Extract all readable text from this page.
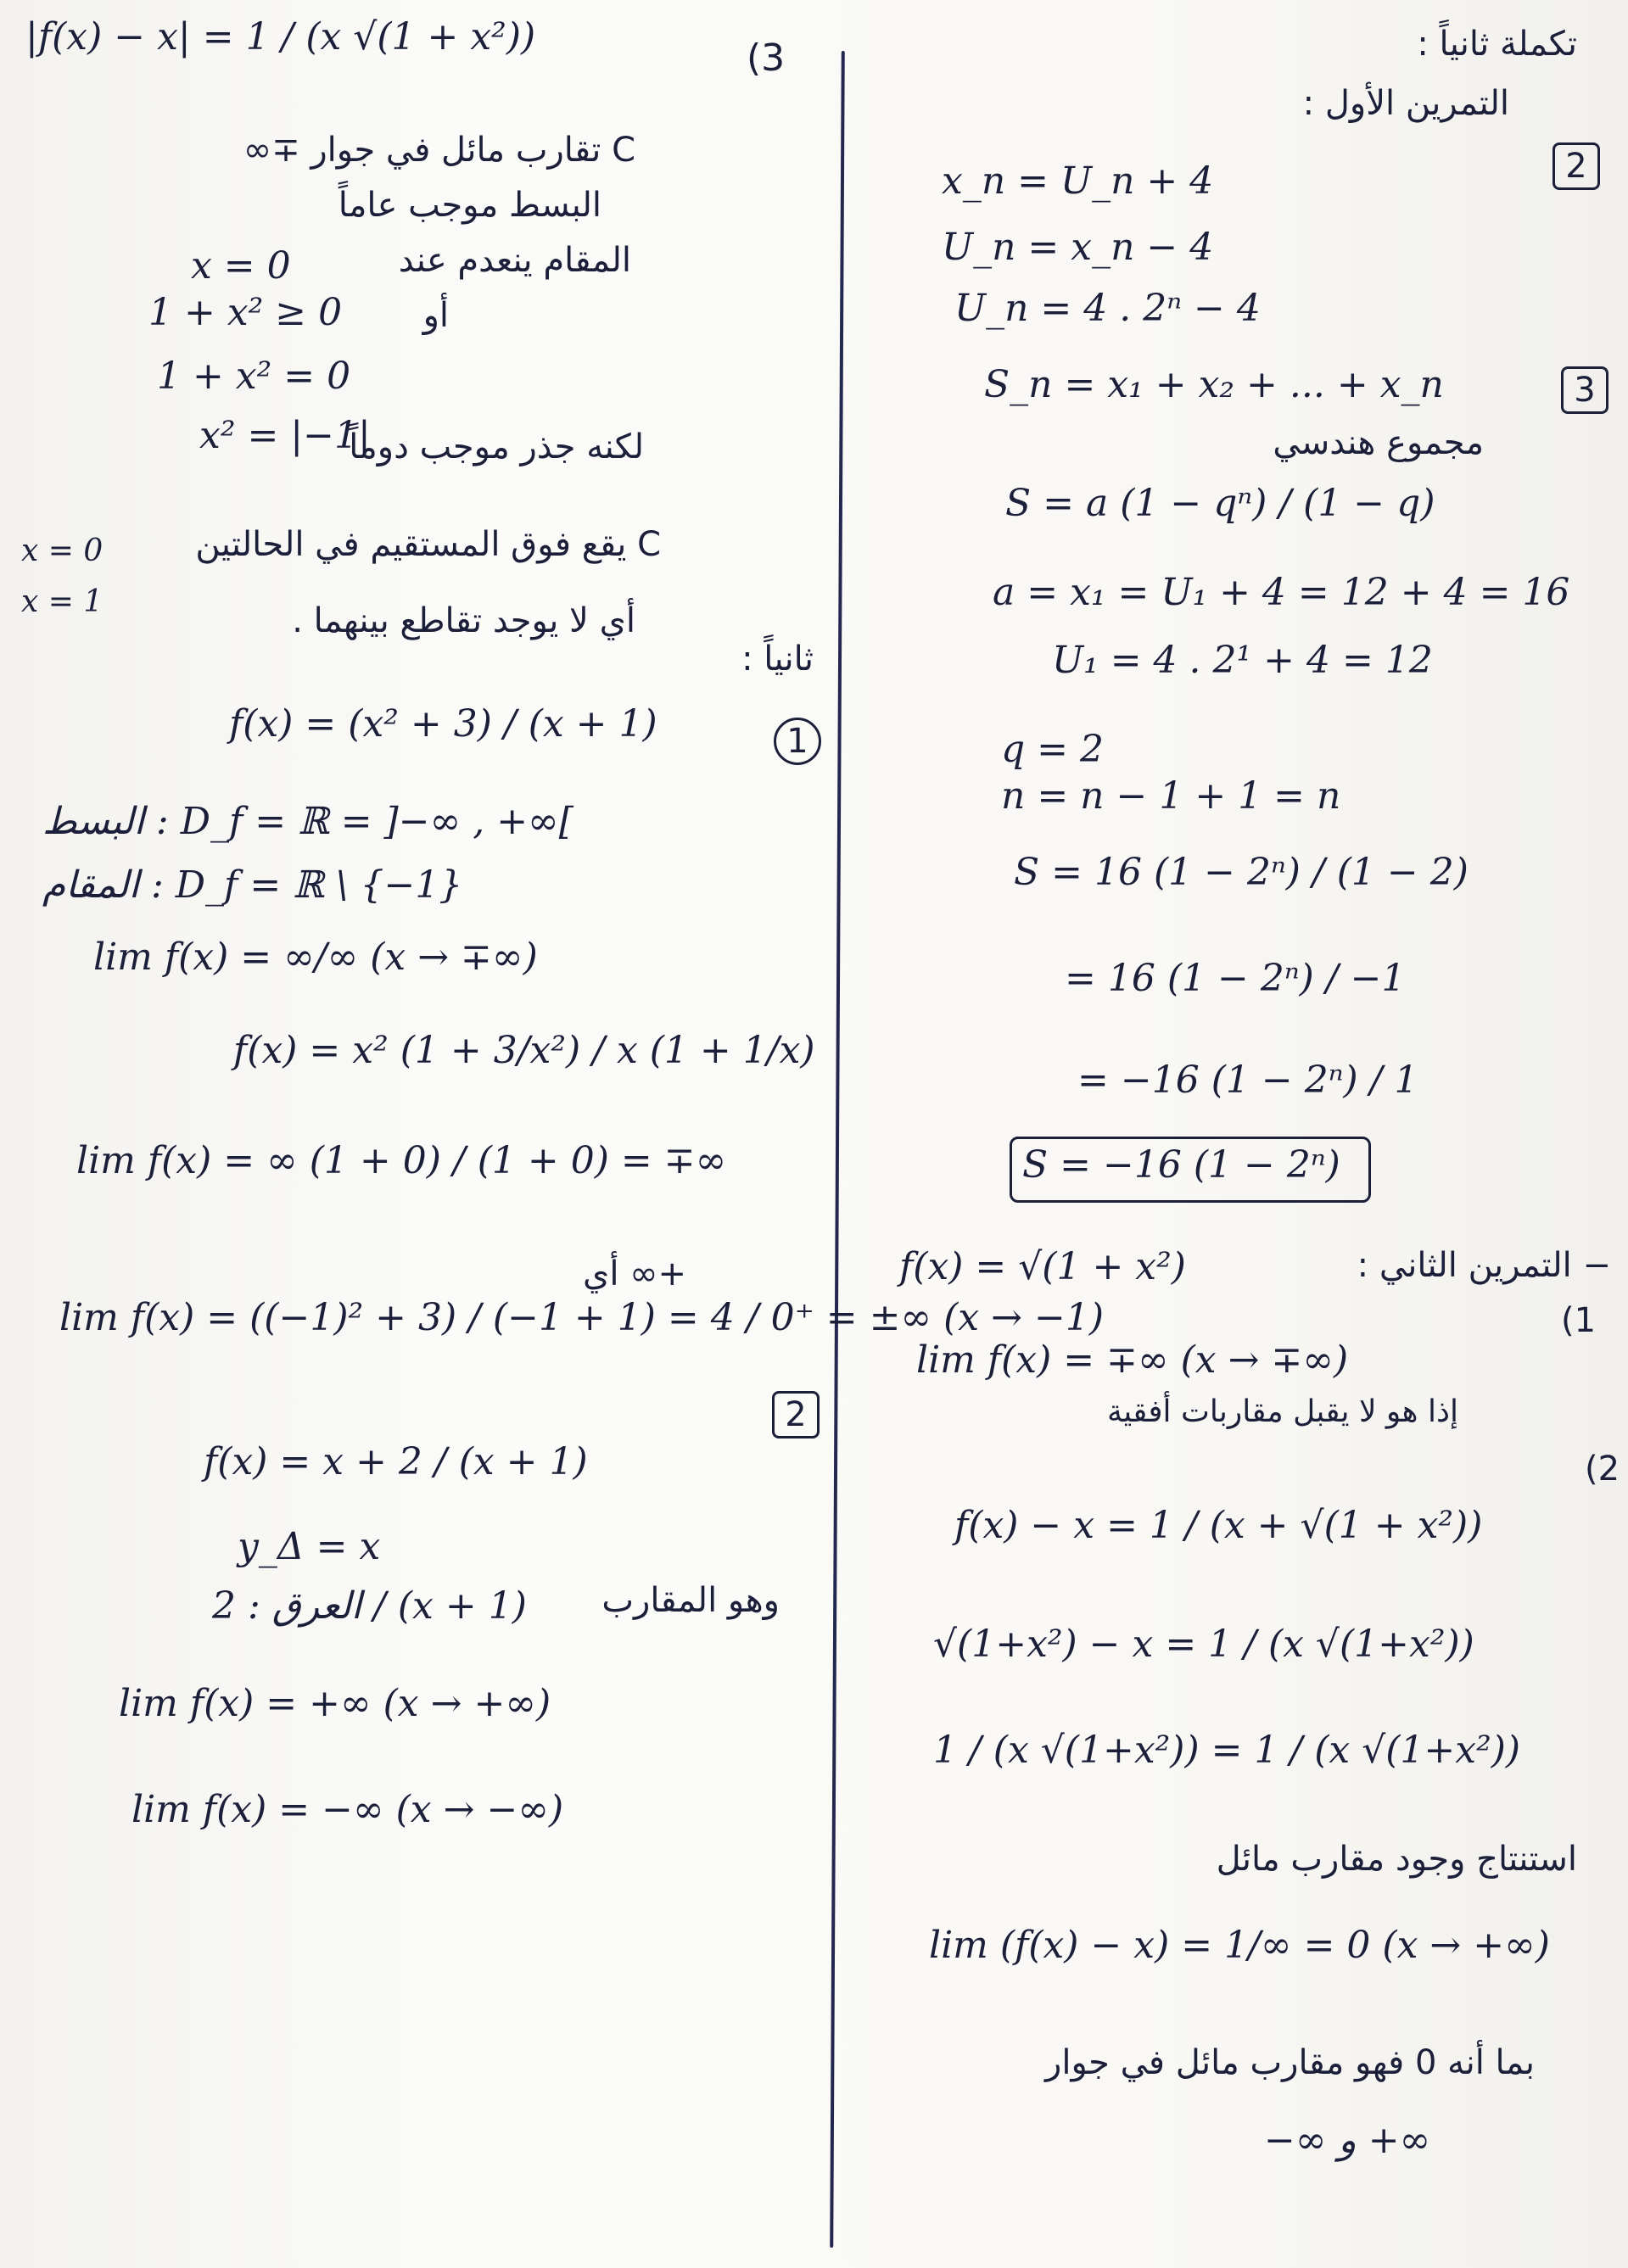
تكملة ثانياً :
التمرين الأول :
2
x_n = U_n + 4
U_n = x_n − 4
U_n = 4 . 2ⁿ − 4
S_n = x₁ + x₂ + ... + x_n	3
مجموع هندسي
S = a (1 − qⁿ) / (1 − q)
a = x₁ = U₁ + 4 = 12 + 4 = 16
U₁ = 4 . 2¹ + 4 = 12
q = 2
n = n − 1 + 1 = n
S = 16 (1 − 2ⁿ) / (1 − 2)
= 16 (1 − 2ⁿ) / −1
= −16 (1 − 2ⁿ) / 1
S = −16 (1 − 2ⁿ)
f(x) = √(1 + x²)	− التمرين الثاني :
(1
lim f(x) = ∓∞ (x → ∓∞)
إذا هو لا يقبل مقاربات أفقية
(2
f(x) − x = 1 / (x + √(1 + x²))
√(1+x²) − x = 1 / (x √(1+x²))
1 / (x √(1+x²)) = 1 / (x √(1+x²))
استنتاج وجود مقارب مائل
lim (f(x) − x) = 1/∞ = 0 (x → +∞)
بما أنه 0 فهو مقارب مائل في جوار
−∞ و +∞
|f(x) − x| = 1 / (x √(1 + x²))	(3
C تقارب مائل في جوار ∓∞
البسط موجب عاماً
المقام ينعدم عند
x = 0
أو
1 + x² ≥ 0
1 + x² = 0
x² = |−1|
لكنه جذر موجب دوماً
C يقع فوق المستقيم في الحالتين
x = 0
x = 1	أي لا يوجد تقاطع بينهما .
ثانياً :
1
f(x) = (x² + 3) / (x + 1)
البسط : D_f = ℝ = ]−∞ , +∞[
المقام : D_f = ℝ \ {−1}
lim f(x) = ∞/∞ (x → ∓∞)
f(x) = x² (1 + 3/x²) / x (1 + 1/x)
lim f(x) = ∞ (1 + 0) / (1 + 0) = ∓∞
+∞ أي
lim f(x) = ((−1)² + 3) / (−1 + 1) = 4 / 0⁺ = ±∞ (x → −1)
2
f(x) = x + 2 / (x + 1)
y_Δ = x
العرق : 2 / (x + 1) وهو المقارب
lim f(x) = +∞ (x → +∞)
lim f(x) = −∞ (x → −∞)
